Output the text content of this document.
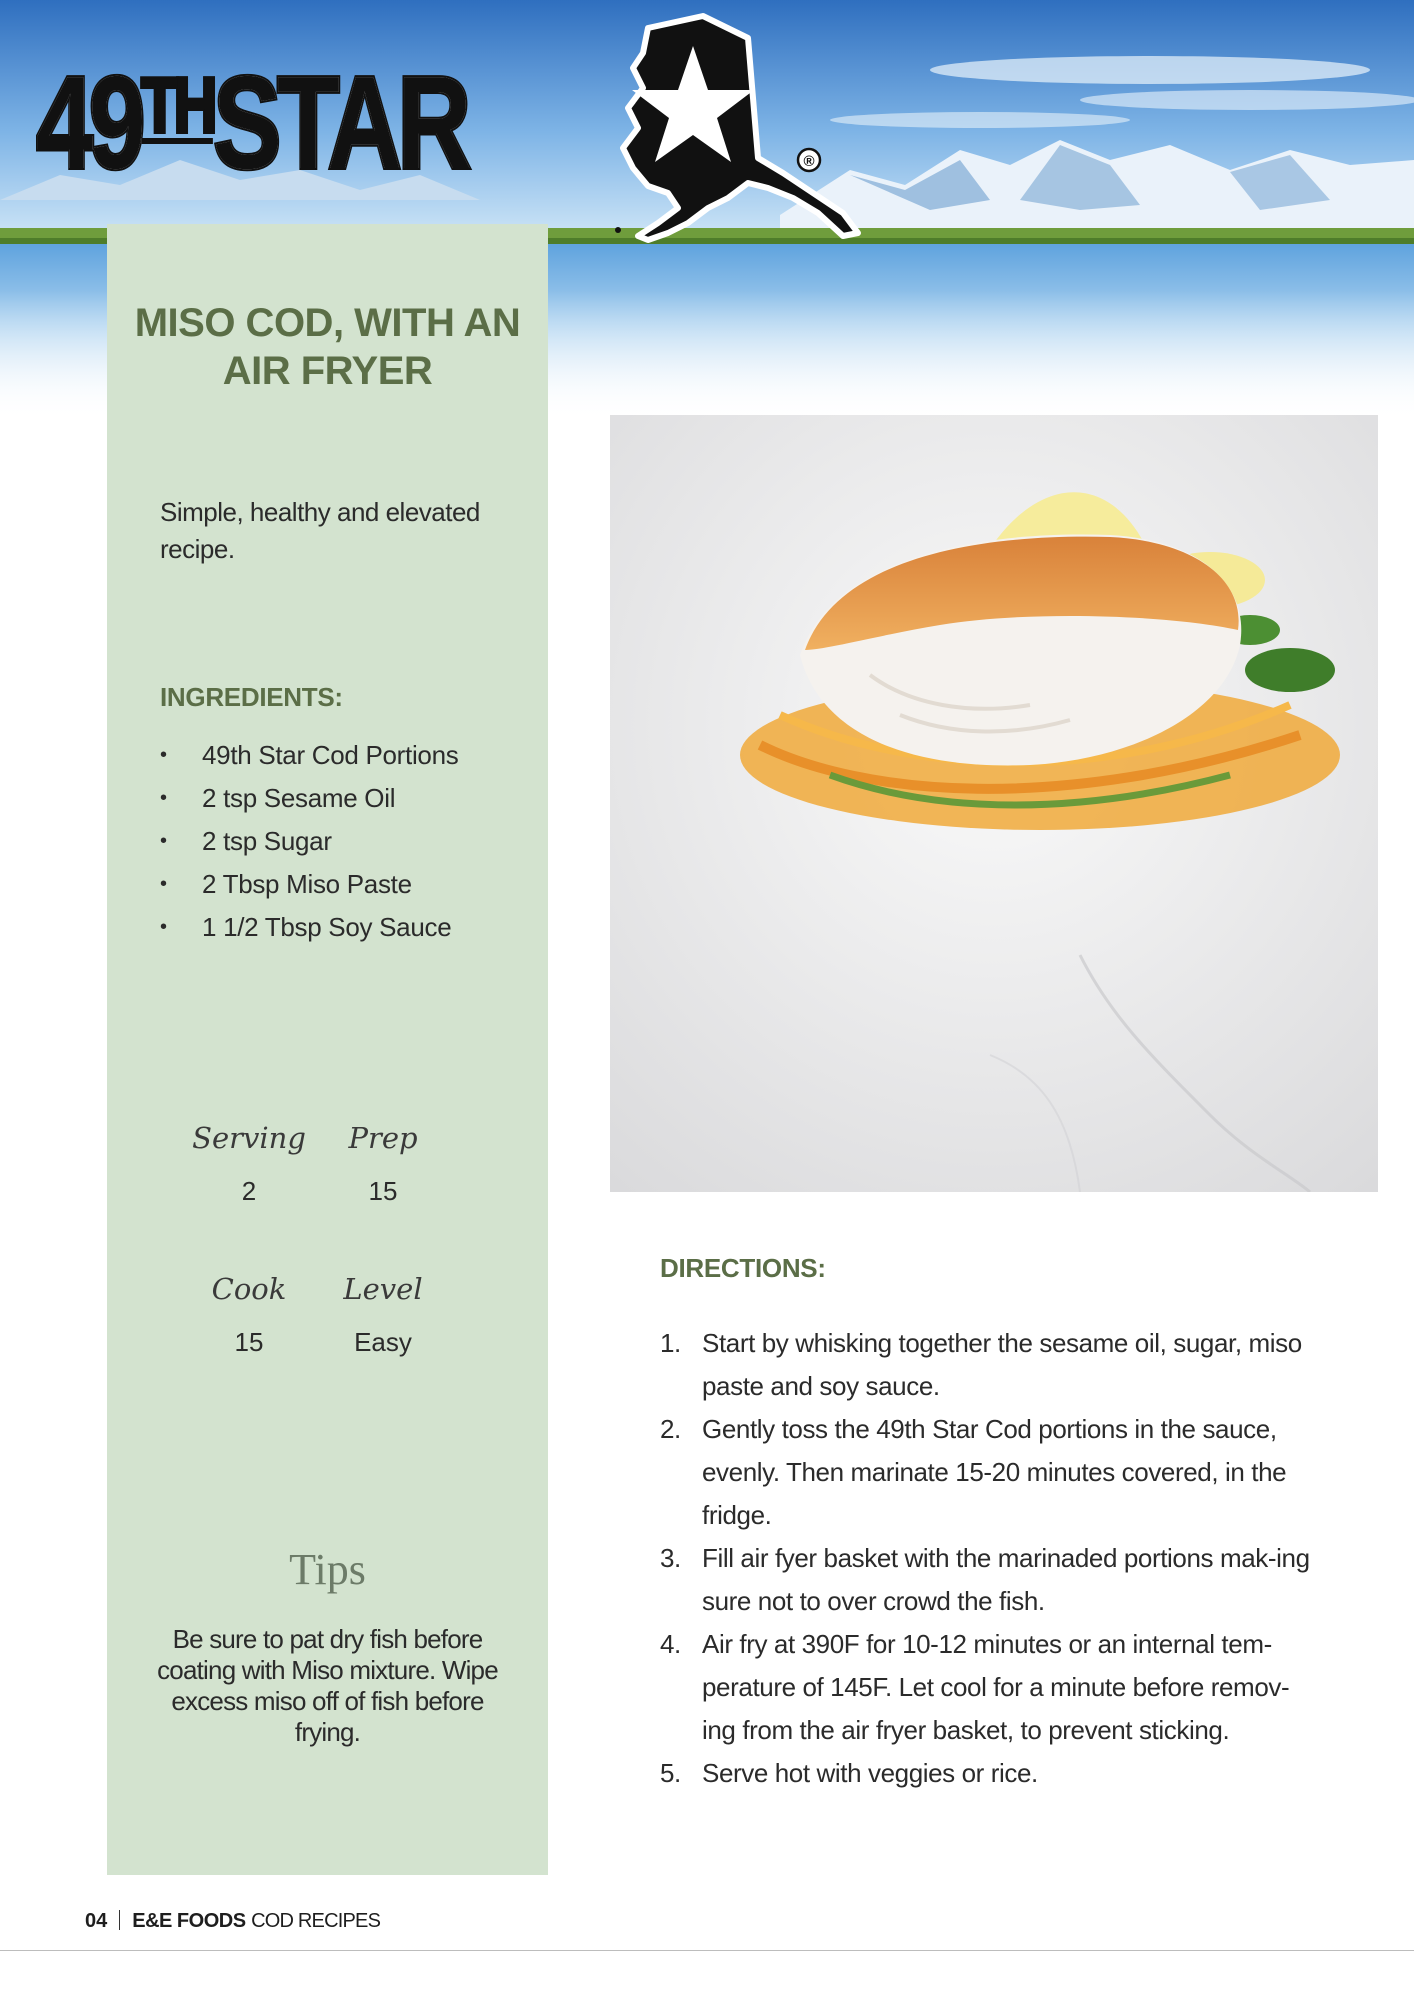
49THSTAR	®
MISO COD, WITH AN AIR FRYER
Simple, healthy and elevated recipe.
INGREDIENTS:
• 49th Star Cod Portions
• 2 tsp Sesame Oil
• 2 tsp Sugar
• 2 Tbsp Miso Paste
• 1 1/2 Tbsp Soy Sauce
Serving
2
Prep
15
Cook
15
Level
Easy
Tips
Be sure to pat dry fish before coating with Miso mixture. Wipe excess miso off of fish before frying.
DIRECTIONS:
1. Start by whisking together the sesame oil, sugar, miso paste and soy sauce.
2. Gently toss the 49th Star Cod portions in the sauce, evenly. Then marinate 15-20 minutes covered, in the fridge.
3. Fill air fyer basket with the marinaded portions mak-ing sure not to over crowd the fish.
4. Air fry at 390F for 10-12 minutes or an internal tem-perature of 145F. Let cool for a minute before remov-ing from the air fryer basket, to prevent sticking.
5. Serve hot with veggies or rice.
04 E&E FOODS COD RECIPES
